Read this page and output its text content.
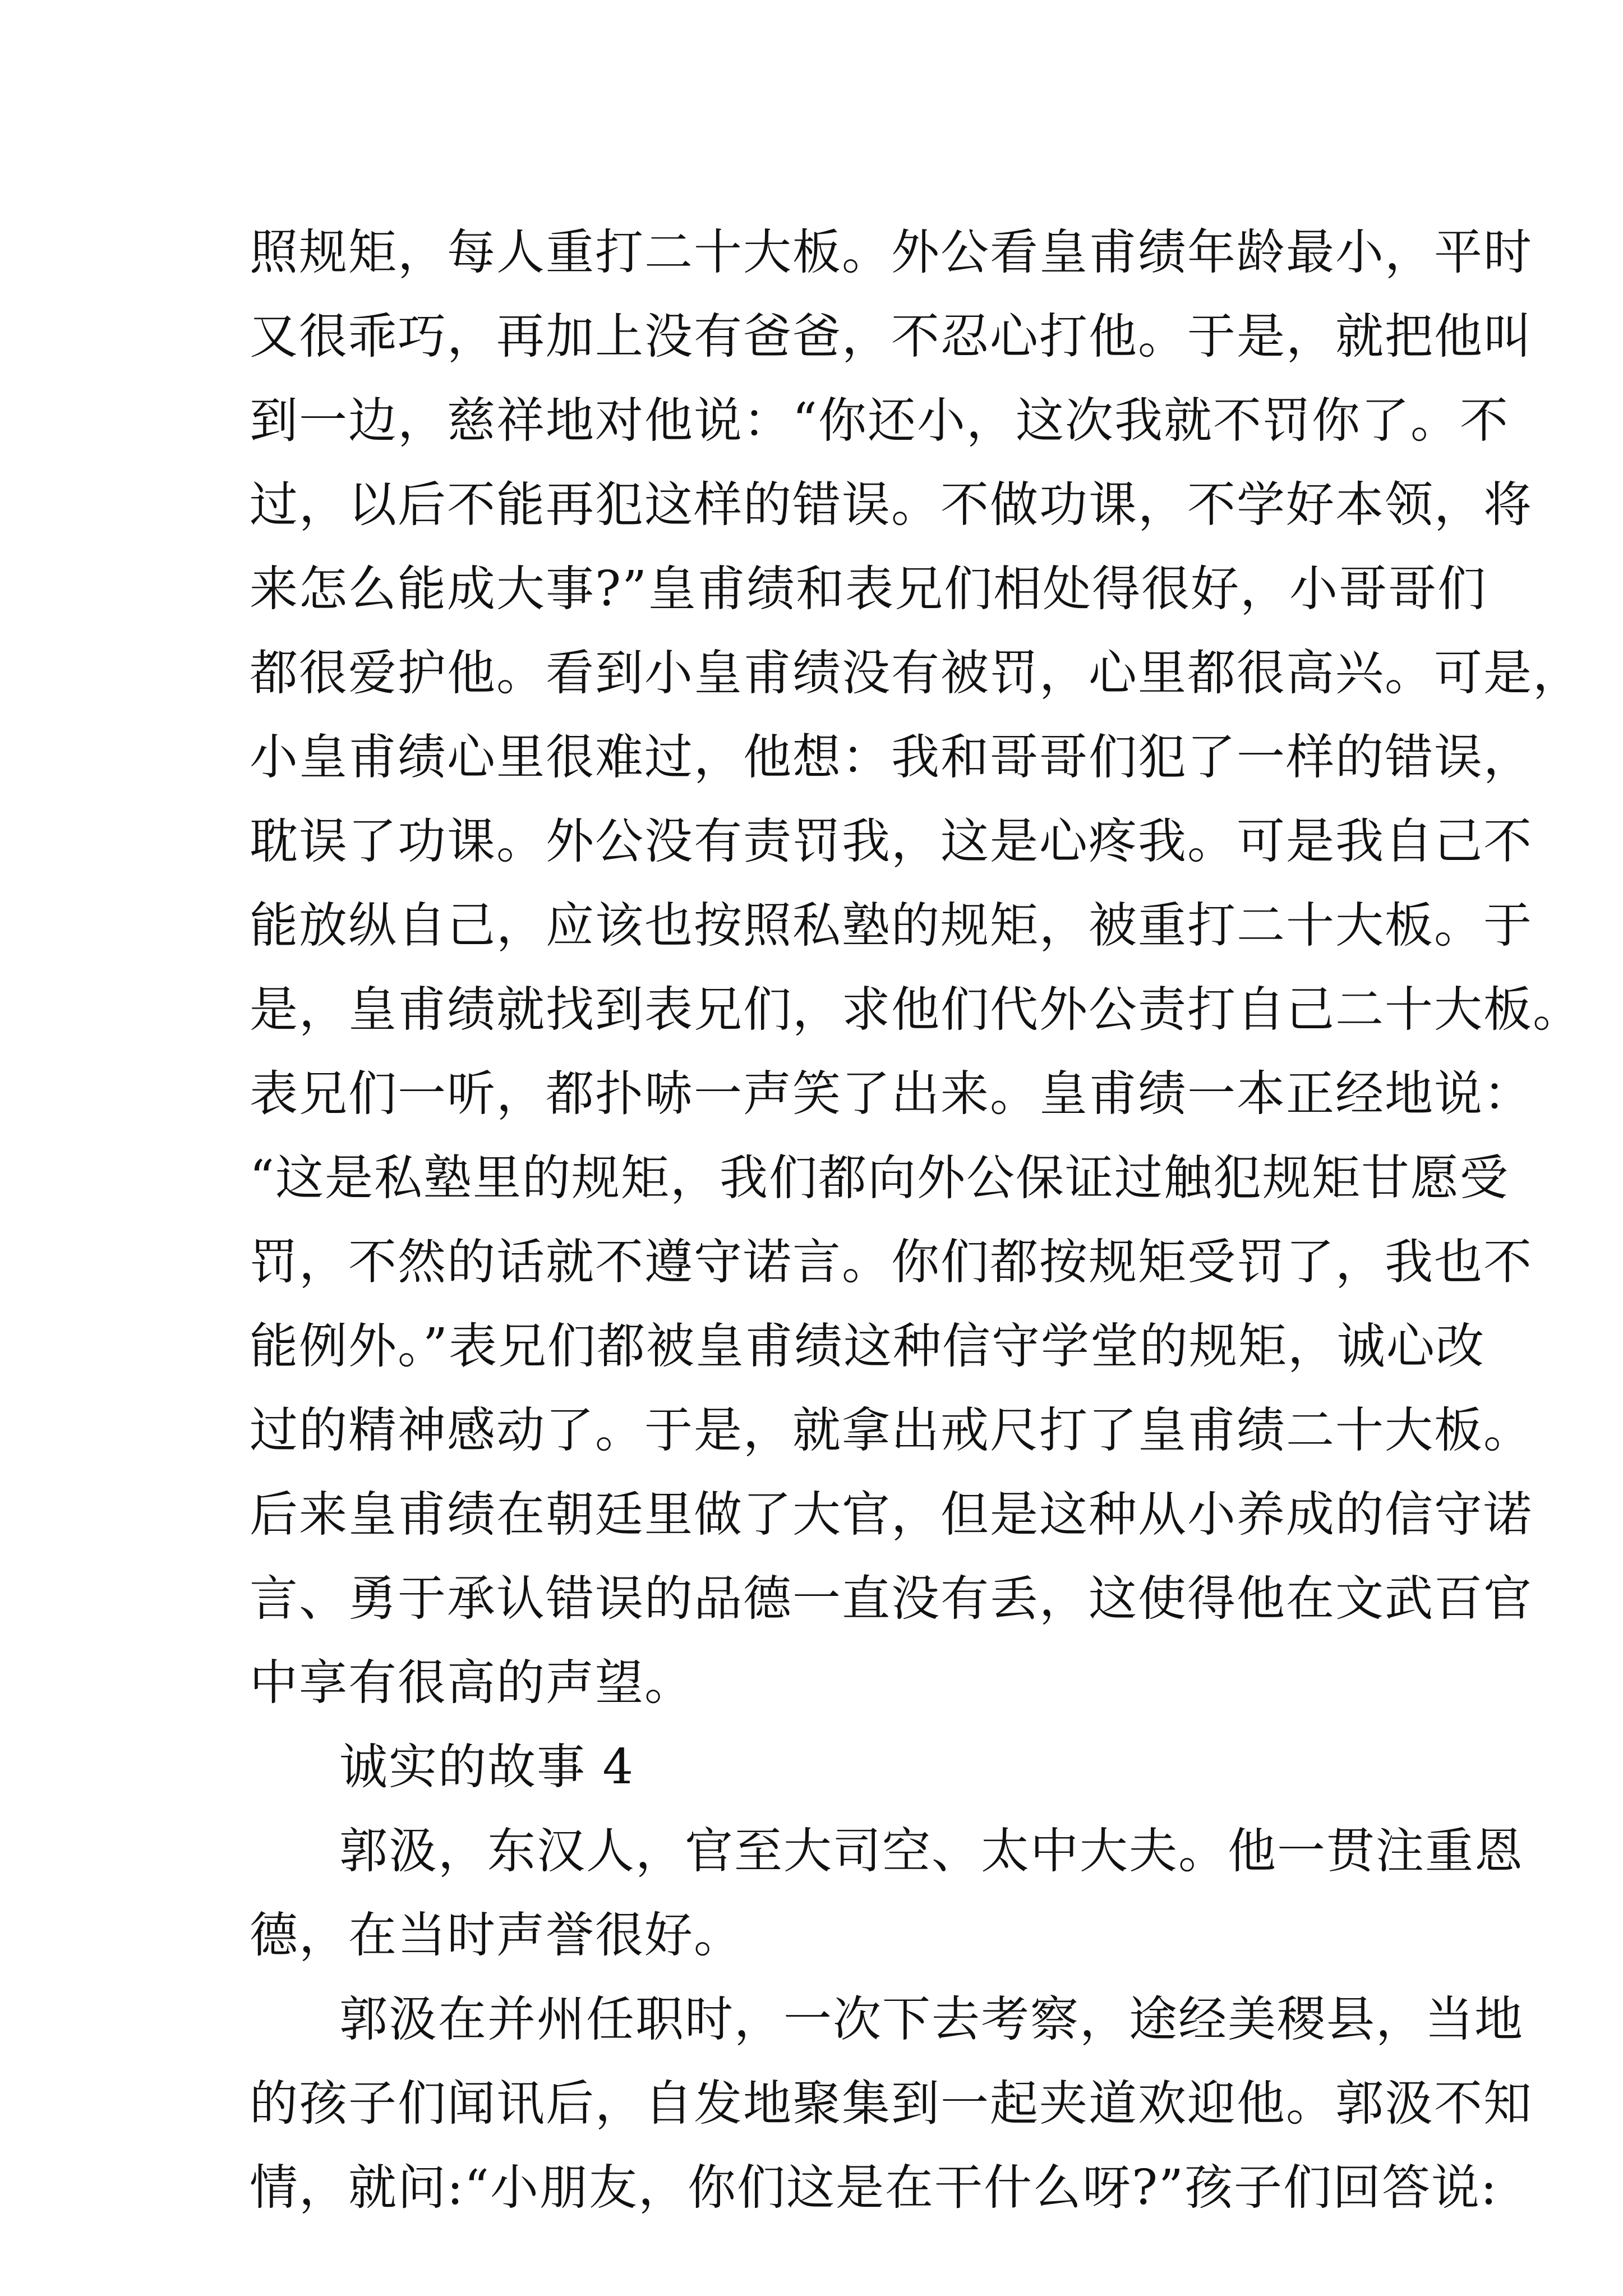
照规矩，每人重打二十大板。外公看皇甫绩年龄最小，平时
又很乖巧，再加上没有爸爸，不忍心打他。于是，就把他叫
到一边，慈祥地对他说：“你还小，这次我就不罚你了。不
过，以后不能再犯这样的错误。不做功课，不学好本领，将
来怎么能成大事?”皇甫绩和表兄们相处得很好，小哥哥们
都很爱护他。看到小皇甫绩没有被罚，心里都很高兴。可是，
小皇甫绩心里很难过，他想：我和哥哥们犯了一样的错误，
耽误了功课。外公没有责罚我，这是心疼我。可是我自己不
能放纵自己，应该也按照私塾的规矩，被重打二十大板。于
是，皇甫绩就找到表兄们，求他们代外公责打自己二十大板。
表兄们一听，都扑哧一声笑了出来。皇甫绩一本正经地说：
“这是私塾里的规矩，我们都向外公保证过触犯规矩甘愿受
罚，不然的话就不遵守诺言。你们都按规矩受罚了，我也不
能例外。”表兄们都被皇甫绩这种信守学堂的规矩，诚心改
过的精神感动了。于是，就拿出戒尺打了皇甫绩二十大板。
后来皇甫绩在朝廷里做了大官，但是这种从小养成的信守诺
言、勇于承认错误的品德一直没有丢，这使得他在文武百官
中享有很高的声望。
诚实的故事 4
郭汲，东汉人，官至大司空、太中大夫。他一贯注重恩
德，在当时声誉很好。
郭汲在并州任职时，一次下去考察，途经美稷县，当地
的孩子们闻讯后，自发地聚集到一起夹道欢迎他。郭汲不知
情，就问:“小朋友，你们这是在干什么呀?”孩子们回答说:
